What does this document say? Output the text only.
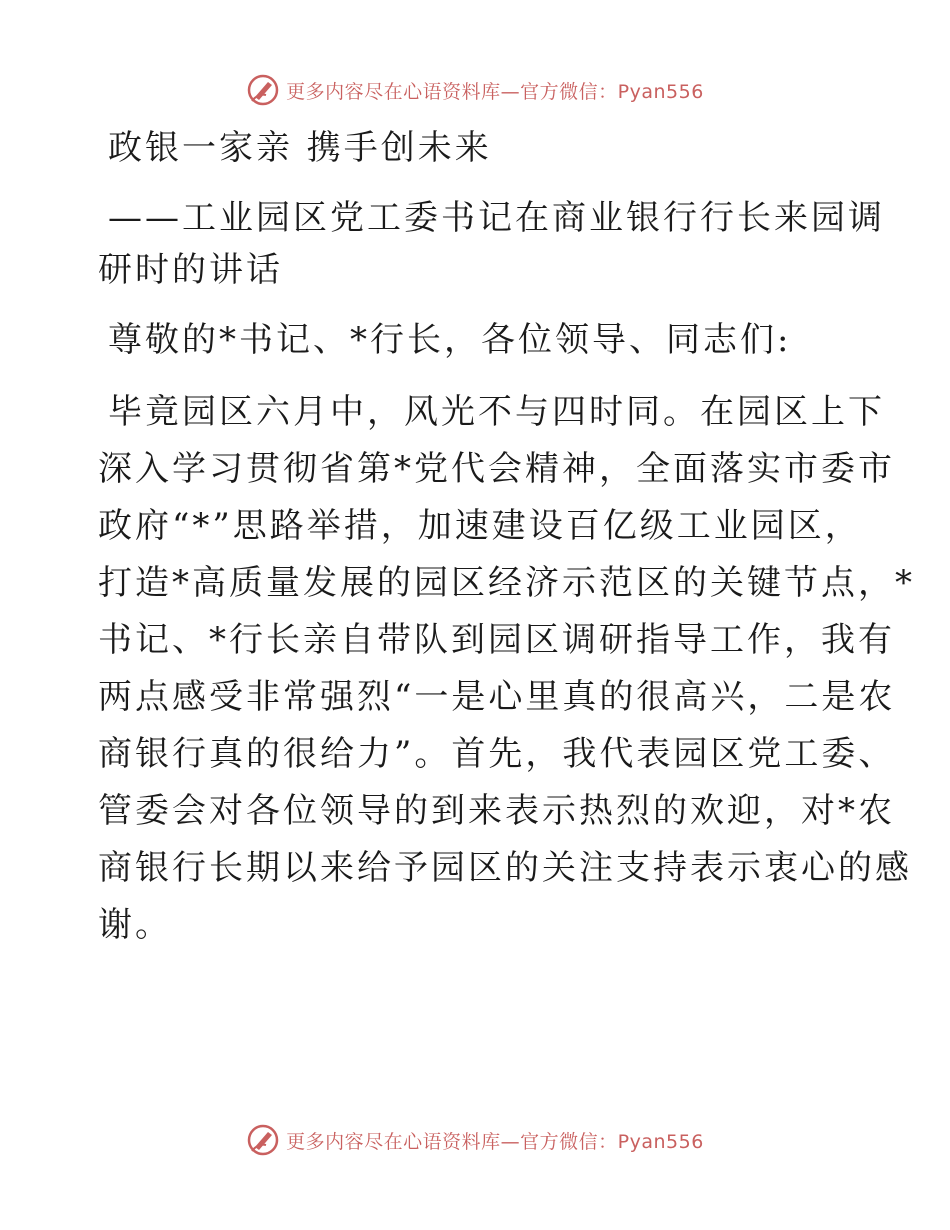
更多内容尽在心语资料库—官方微信：Pyan556

政银一家亲 携手创未来

——工业园区党工委书记在商业银行行长来园调

研时的讲话

尊敬的*书记、*行长，各位领导、同志们:

毕竟园区六月中，风光不与四时同。在园区上下

深入学习贯彻省第*党代会精神，全面落实市委市

政府“*”思路举措，加速建设百亿级工业园区，

打造*高质量发展的园区经济示范区的关键节点，*

书记、*行长亲自带队到园区调研指导工作，我有

两点感受非常强烈“一是心里真的很高兴，二是农

商银行真的很给力”。首先，我代表园区党工委、

管委会对各位领导的到来表示热烈的欢迎，对*农

商银行长期以来给予园区的关注支持表示衷心的感

谢。

更多内容尽在心语资料库—官方微信：Pyan556
